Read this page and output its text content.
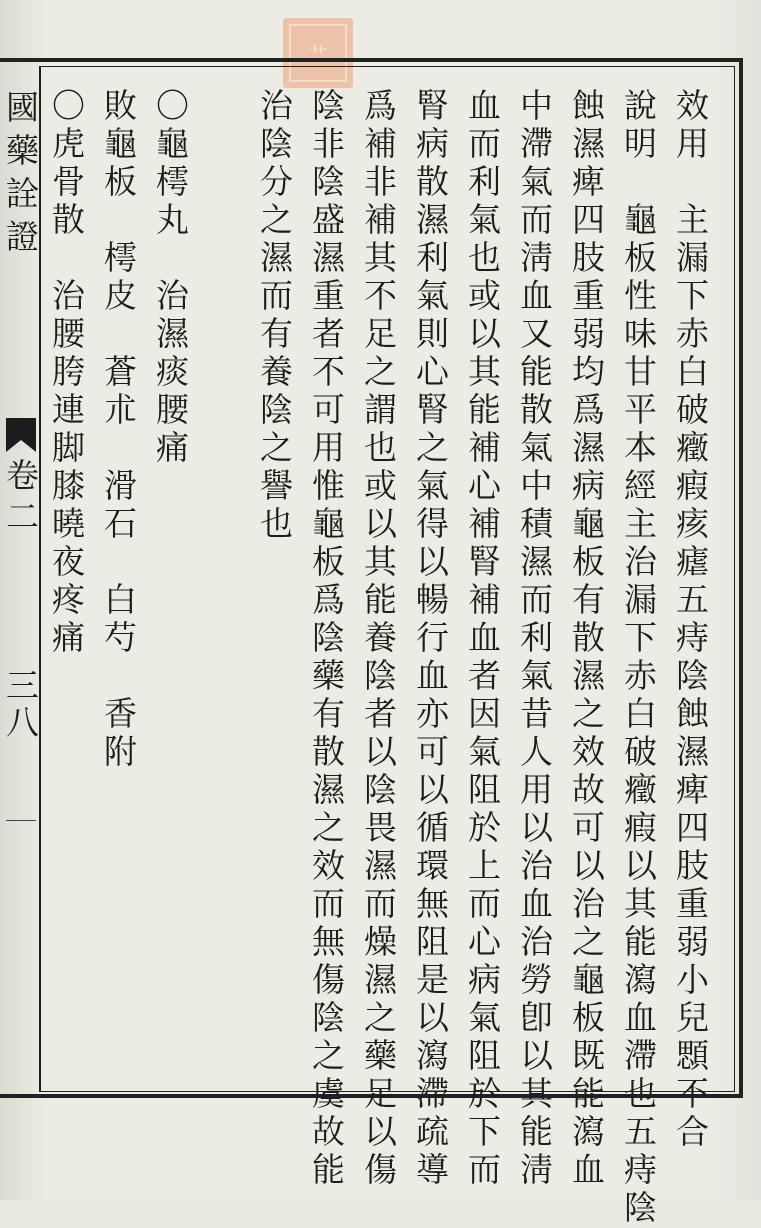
艹
國藥詮證
卷二
三八	效用　主漏下赤白破癥瘕痎瘧五痔陰蝕濕痺四肢重弱小兒顋不合
說明　龜板性味甘平本經主治漏下赤白破癥瘕以其能瀉血滯也五痔陰
蝕濕痺四肢重弱均爲濕病龜板有散濕之效故可以治之龜板既能瀉血
中滯氣而淸血又能散氣中積濕而利氣昔人用以治血治勞卽以其能淸
血而利氣也或以其能補心補腎補血者因氣阻於上而心病氣阻於下而
腎病散濕利氣則心腎之氣得以暢行血亦可以循環無阻是以瀉滯疏導
爲補非補其不足之謂也或以其能養陰者以陰畏濕而燥濕之藥足以傷
陰非陰盛濕重者不可用惟龜板爲陰藥有散濕之效而無傷陰之虞故能
治陰分之濕而有養陰之譽也
〇龜樗丸　治濕痰腰痛
敗龜板　樗皮　蒼朮　滑石　白芍　香附
〇虎骨散　治腰胯連脚膝曉夜疼痛
